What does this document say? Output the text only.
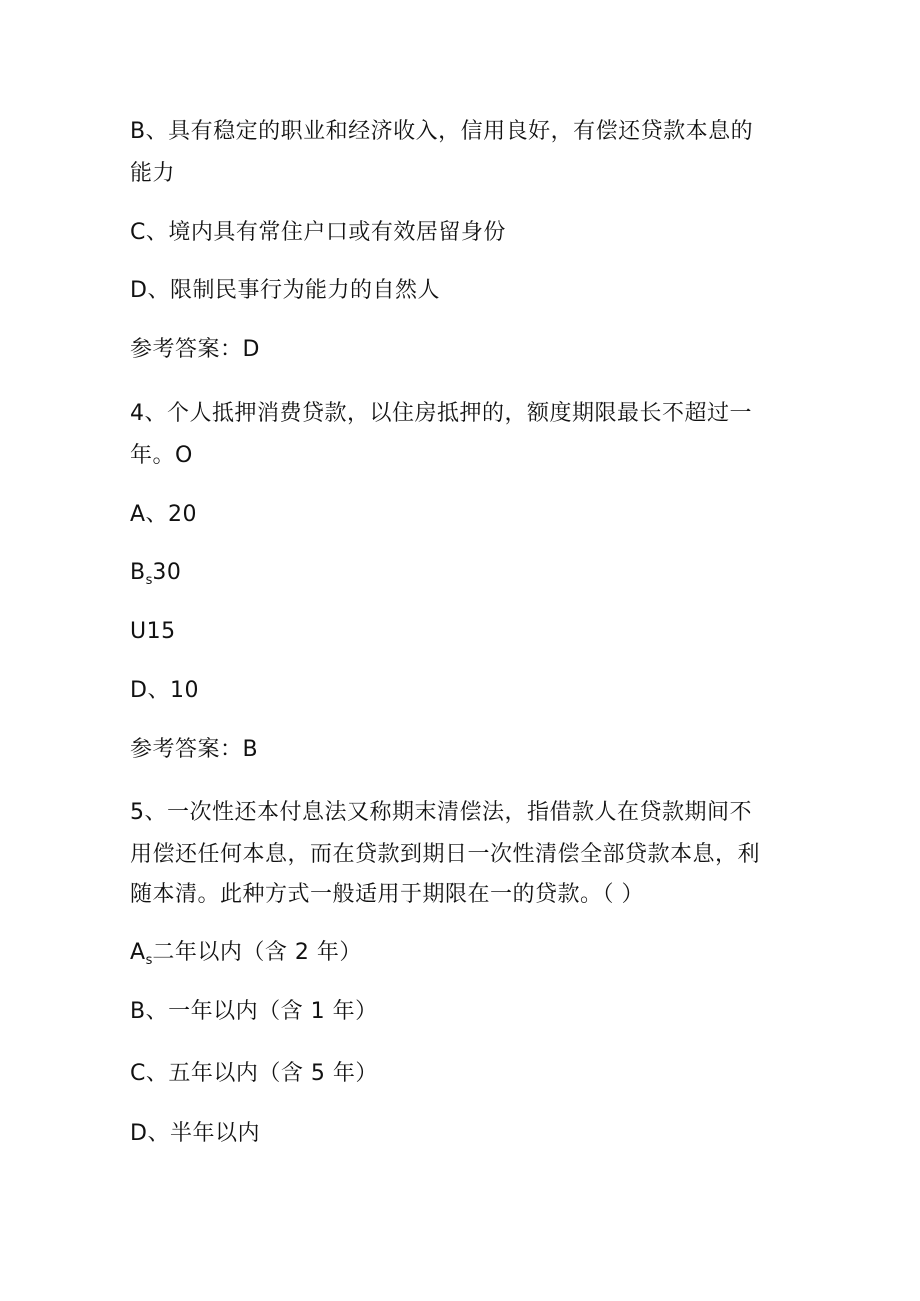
B、具有稳定的职业和经济收入，信用良好，有偿还贷款本息的
能力
C、境内具有常住户口或有效居留身份
D、限制民事行为能力的自然人
参考答案：D
4、个人抵押消费贷款，以住房抵押的，额度期限最长不超过一
年。O
A、20
$B_s30$
U15
D、10
参考答案：B
5、一次性还本付息法又称期末清偿法，指借款人在贷款期间不
用偿还任何本息，而在贷款到期日一次性清偿全部贷款本息，利
随本清。此种方式一般适用于期限在一的贷款。（ ）
$A_s$二年以内（含 2 年）
B、一年以内（含 1 年）
C、五年以内（含 5 年）
D、半年以内
